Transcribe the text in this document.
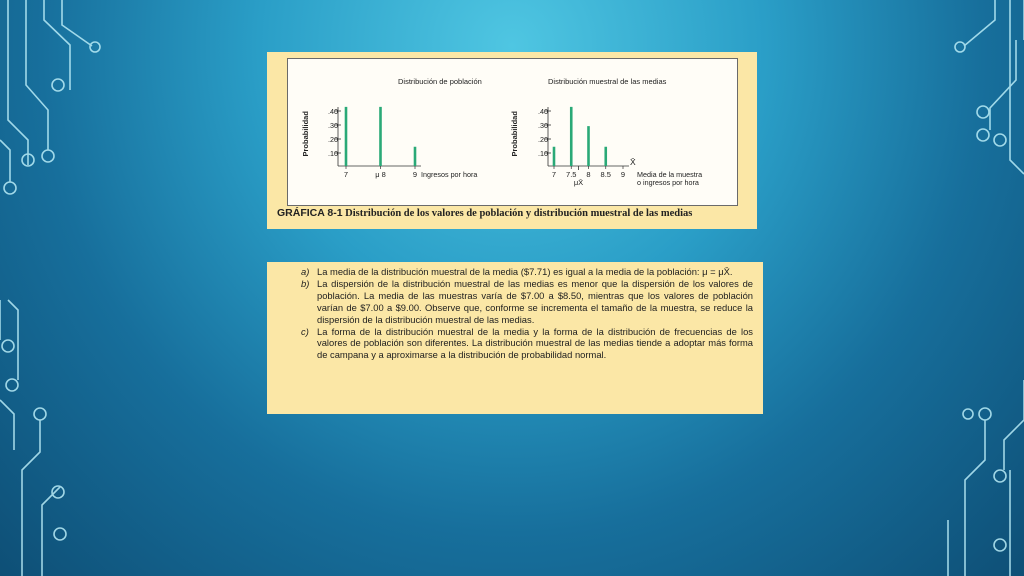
Distribución de población
Probabilidad	.40
.30
.20
.10
7	μ 8	9 Ingresos por hora
Distribución muestral de las medias
Probabilidad	.40
.30
.20
.10
7 7.5 8 8.5 9
X̄
Media de la muestra
o ingresos por hora
μX̄
GRÁFICA 8-1 Distribución de los valores de población y distribución muestral de las medias
a) La media de la distribución muestral de la media ($7.71) es igual a la media de la población: μ = μX̄.
b) La dispersión de la distribución muestral de las medias es menor que la dispersión de los valores de población. La media de las muestras varía de $7.00 a $8.50, mientras que los valores de población varían de $7.00 a $9.00. Observe que, conforme se incrementa el tamaño de la muestra, se reduce la dispersión de la distribución muestral de las medias.
c) La forma de la distribución muestral de la media y la forma de la distribución de frecuencias de los valores de población son diferentes. La distribución muestral de las medias tiende a adoptar más forma de campana y a aproximarse a la distribución de probabilidad normal.
